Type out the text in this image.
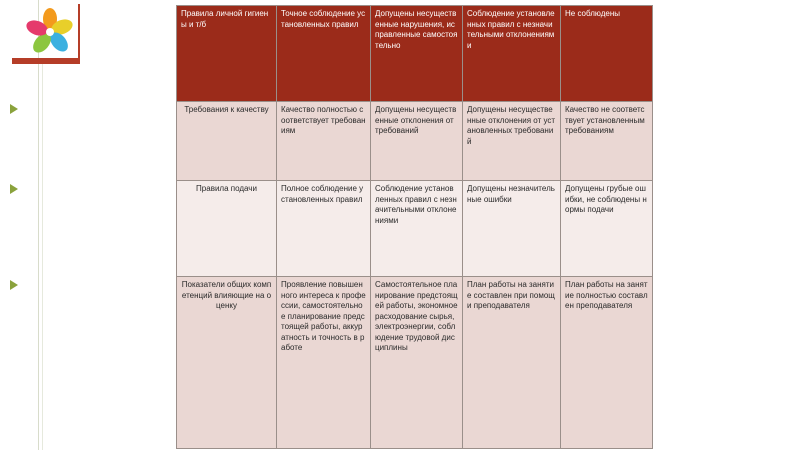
Правила личной гигиены и т/б	Точное соблюдение установленных правил	Допущены несущественные нарушения, исправленные самостоятельно	Соблюдение установленных правил с незначительными отклонениями	Не соблюдены
Требования к качеству	Качество полностью соответствует требованиям	Допущены несущественные отклонения от требований	Допущены несущественные отклонения от установленных требований	Качество не соответствует установленным требованиям
Правила подачи	Полное соблюдение установленных правил	Соблюдение установленных правил с незначительными отклонениями	Допущены незначительные ошибки	Допущены грубые ошибки, не соблюдены нормы подачи
Показатели общих компетенций влияющие на оценку	Проявление повышенного интереса к профессии, самостоятельное планирование предстоящей работы, аккуратность и точность в работе	Самостоятельное планирование предстоящей работы, экономное расходование сырья, электроэнергии, соблюдение трудовой дисциплины	План работы на занятие составлен при помощи преподавателя	План работы на занятие полностью составлен преподавателя
